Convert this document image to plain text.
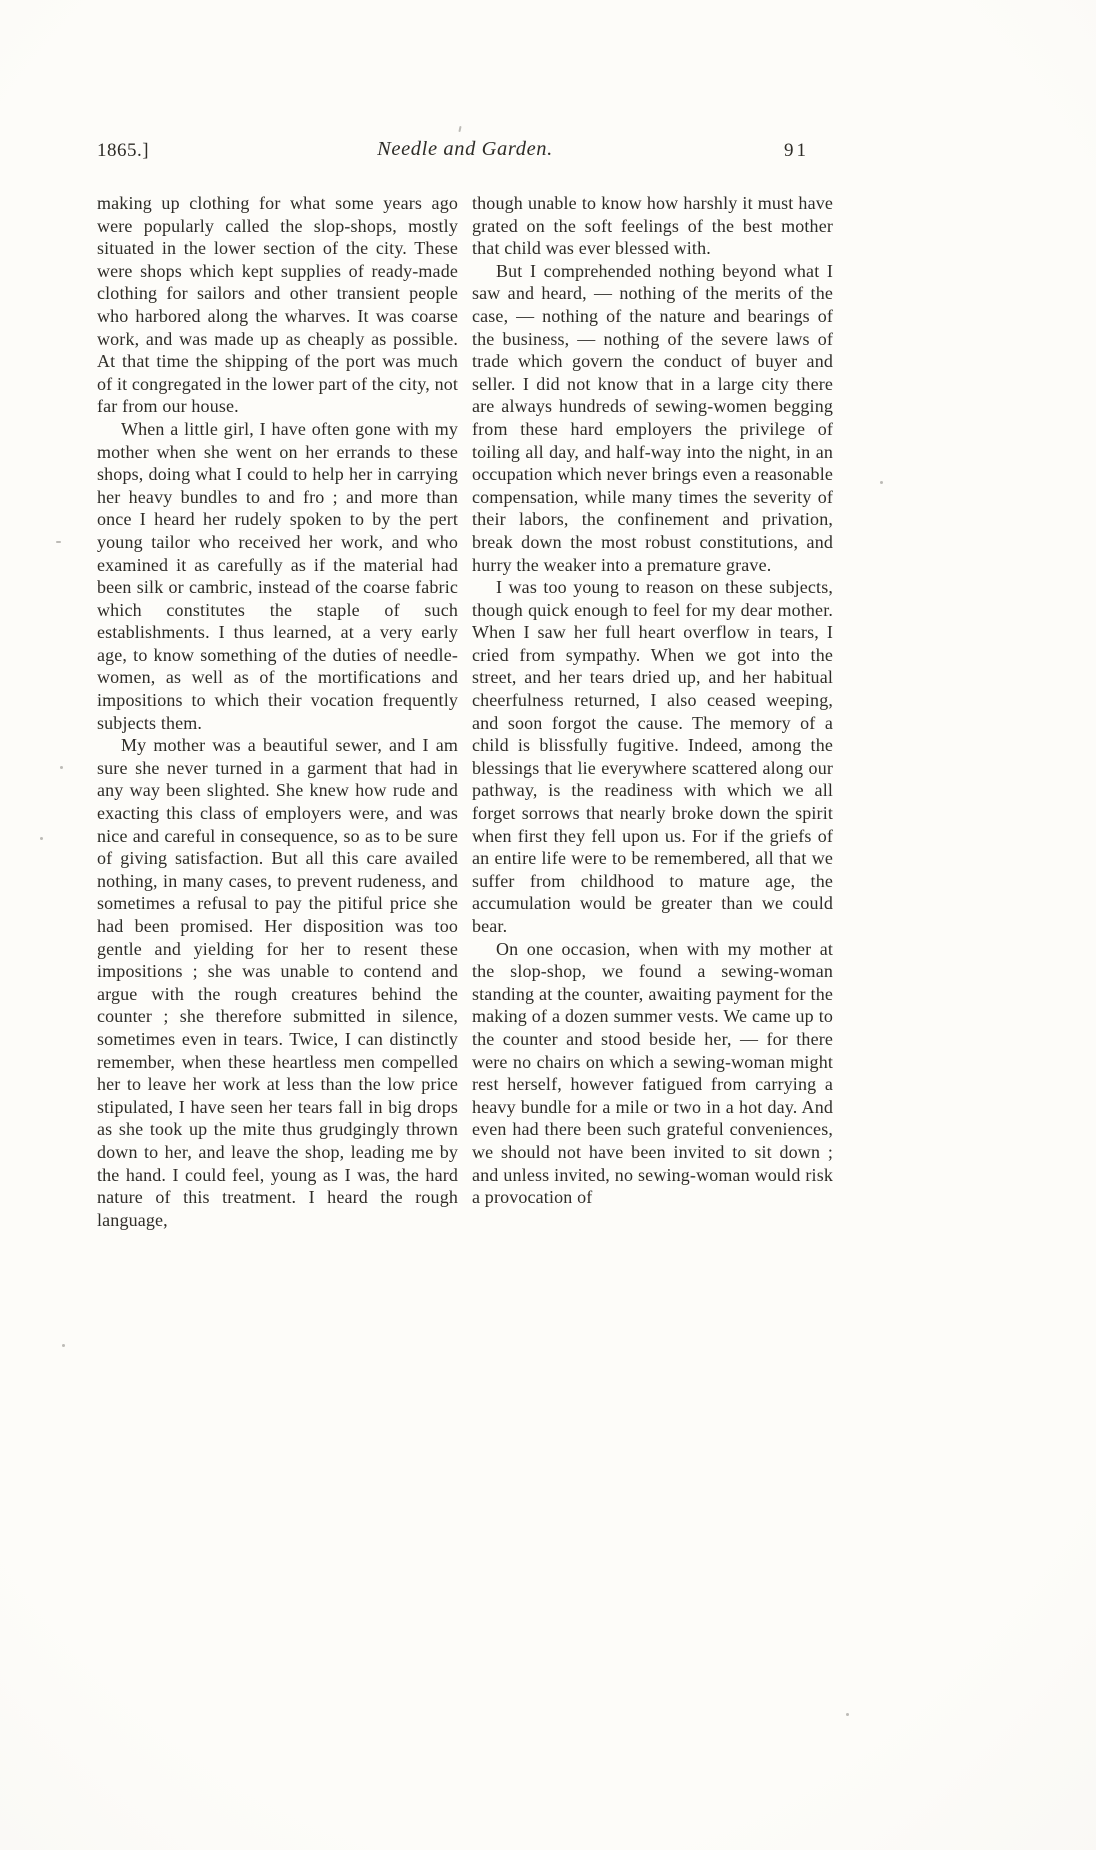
1865.]	Needle and Garden.	91

making up clothing for what some years ago were popularly called the slop-shops, mostly situated in the lower section of the city. These were shops which kept supplies of ready-made clothing for sailors and other transient people who harbored along the wharves. It was coarse work, and was made up as cheaply as possible. At that time the shipping of the port was much of it congregated in the lower part of the city, not far from our house.

When a little girl, I have often gone with my mother when she went on her errands to these shops, doing what I could to help her in carrying her heavy bundles to and fro ; and more than once I heard her rudely spoken to by the pert young tailor who received her work, and who examined it as carefully as if the material had been silk or cambric, instead of the coarse fabric which constitutes the staple of such establishments. I thus learned, at a very early age, to know something of the duties of needle-women, as well as of the mortifications and impositions to which their vocation frequently subjects them.

My mother was a beautiful sewer, and I am sure she never turned in a garment that had in any way been slighted. She knew how rude and exacting this class of employers were, and was nice and careful in consequence, so as to be sure of giving satisfaction. But all this care availed nothing, in many cases, to prevent rudeness, and sometimes a refusal to pay the pitiful price she had been promised. Her disposition was too gentle and yielding for her to resent these impositions ; she was unable to contend and argue with the rough creatures behind the counter ; she therefore submitted in silence, sometimes even in tears. Twice, I can distinctly remember, when these heartless men compelled her to leave her work at less than the low price stipulated, I have seen her tears fall in big drops as she took up the mite thus grudgingly thrown down to her, and leave the shop, leading me by the hand. I could feel, young as I was, the hard nature of this treatment. I heard the rough language,

though unable to know how harshly it must have grated on the soft feelings of the best mother that child was ever blessed with.

But I comprehended nothing beyond what I saw and heard, — nothing of the merits of the case, — nothing of the nature and bearings of the business, — nothing of the severe laws of trade which govern the conduct of buyer and seller. I did not know that in a large city there are always hundreds of sewing-women begging from these hard employers the privilege of toiling all day, and half-way into the night, in an occupation which never brings even a reasonable compensation, while many times the severity of their labors, the confinement and privation, break down the most robust constitutions, and hurry the weaker into a premature grave.

I was too young to reason on these subjects, though quick enough to feel for my dear mother. When I saw her full heart overflow in tears, I cried from sympathy. When we got into the street, and her tears dried up, and her habitual cheerfulness returned, I also ceased weeping, and soon forgot the cause. The memory of a child is blissfully fugitive. Indeed, among the blessings that lie everywhere scattered along our pathway, is the readiness with which we all forget sorrows that nearly broke down the spirit when first they fell upon us. For if the griefs of an entire life were to be remembered, all that we suffer from childhood to mature age, the accumulation would be greater than we could bear.

On one occasion, when with my mother at the slop-shop, we found a sewing-woman standing at the counter, awaiting payment for the making of a dozen summer vests. We came up to the counter and stood beside her, — for there were no chairs on which a sewing-woman might rest herself, however fatigued from carrying a heavy bundle for a mile or two in a hot day. And even had there been such grateful conveniences, we should not have been invited to sit down ; and unless invited, no sewing-woman would risk a provocation of
